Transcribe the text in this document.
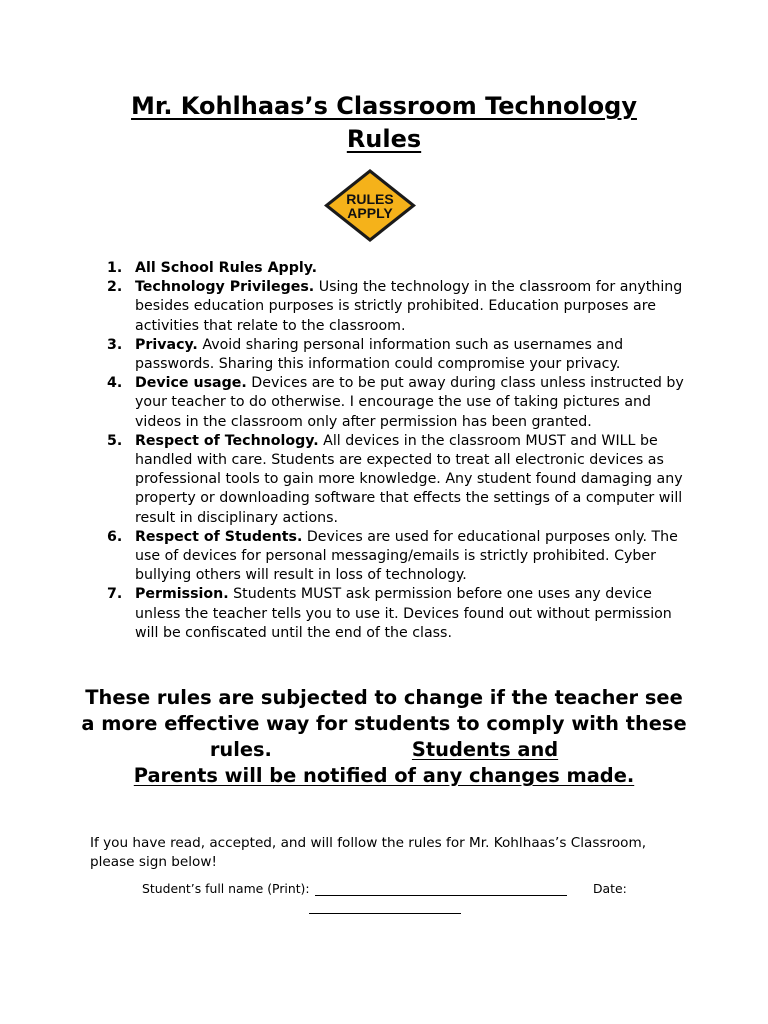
Mr. Kohlhaas’s Classroom Technology
Rules
RULES
APPLY
1. All School Rules Apply.
2. Technology Privileges. Using the technology in the classroom for anything besides education purposes is strictly prohibited. Education purposes are activities that relate to the classroom.
3. Privacy. Avoid sharing personal information such as usernames and passwords. Sharing this information could compromise your privacy.
4. Device usage. Devices are to be put away during class unless instructed by your teacher to do otherwise. I encourage the use of taking pictures and videos in the classroom only after permission has been granted.
5. Respect of Technology. All devices in the classroom MUST and WILL be handled with care. Students are expected to treat all electronic devices as professional tools to gain more knowledge. Any student found damaging any property or downloading software that effects the settings of a computer will result in disciplinary actions.
6. Respect of Students. Devices are used for educational purposes only. The use of devices for personal messaging/emails is strictly prohibited. Cyber bullying others will result in loss of technology.
7. Permission. Students MUST ask permission before one uses any device unless the teacher tells you to use it. Devices found out without permission will be confiscated until the end of the class.
These rules are subjected to change if the teacher see a more effective way for students to comply with these rules.	Students and
Parents will be notified of any changes made.
If you have read, accepted, and will follow the rules for Mr. Kohlhaas’s Classroom, please sign below!
Student’s full name (Print):	Date:
